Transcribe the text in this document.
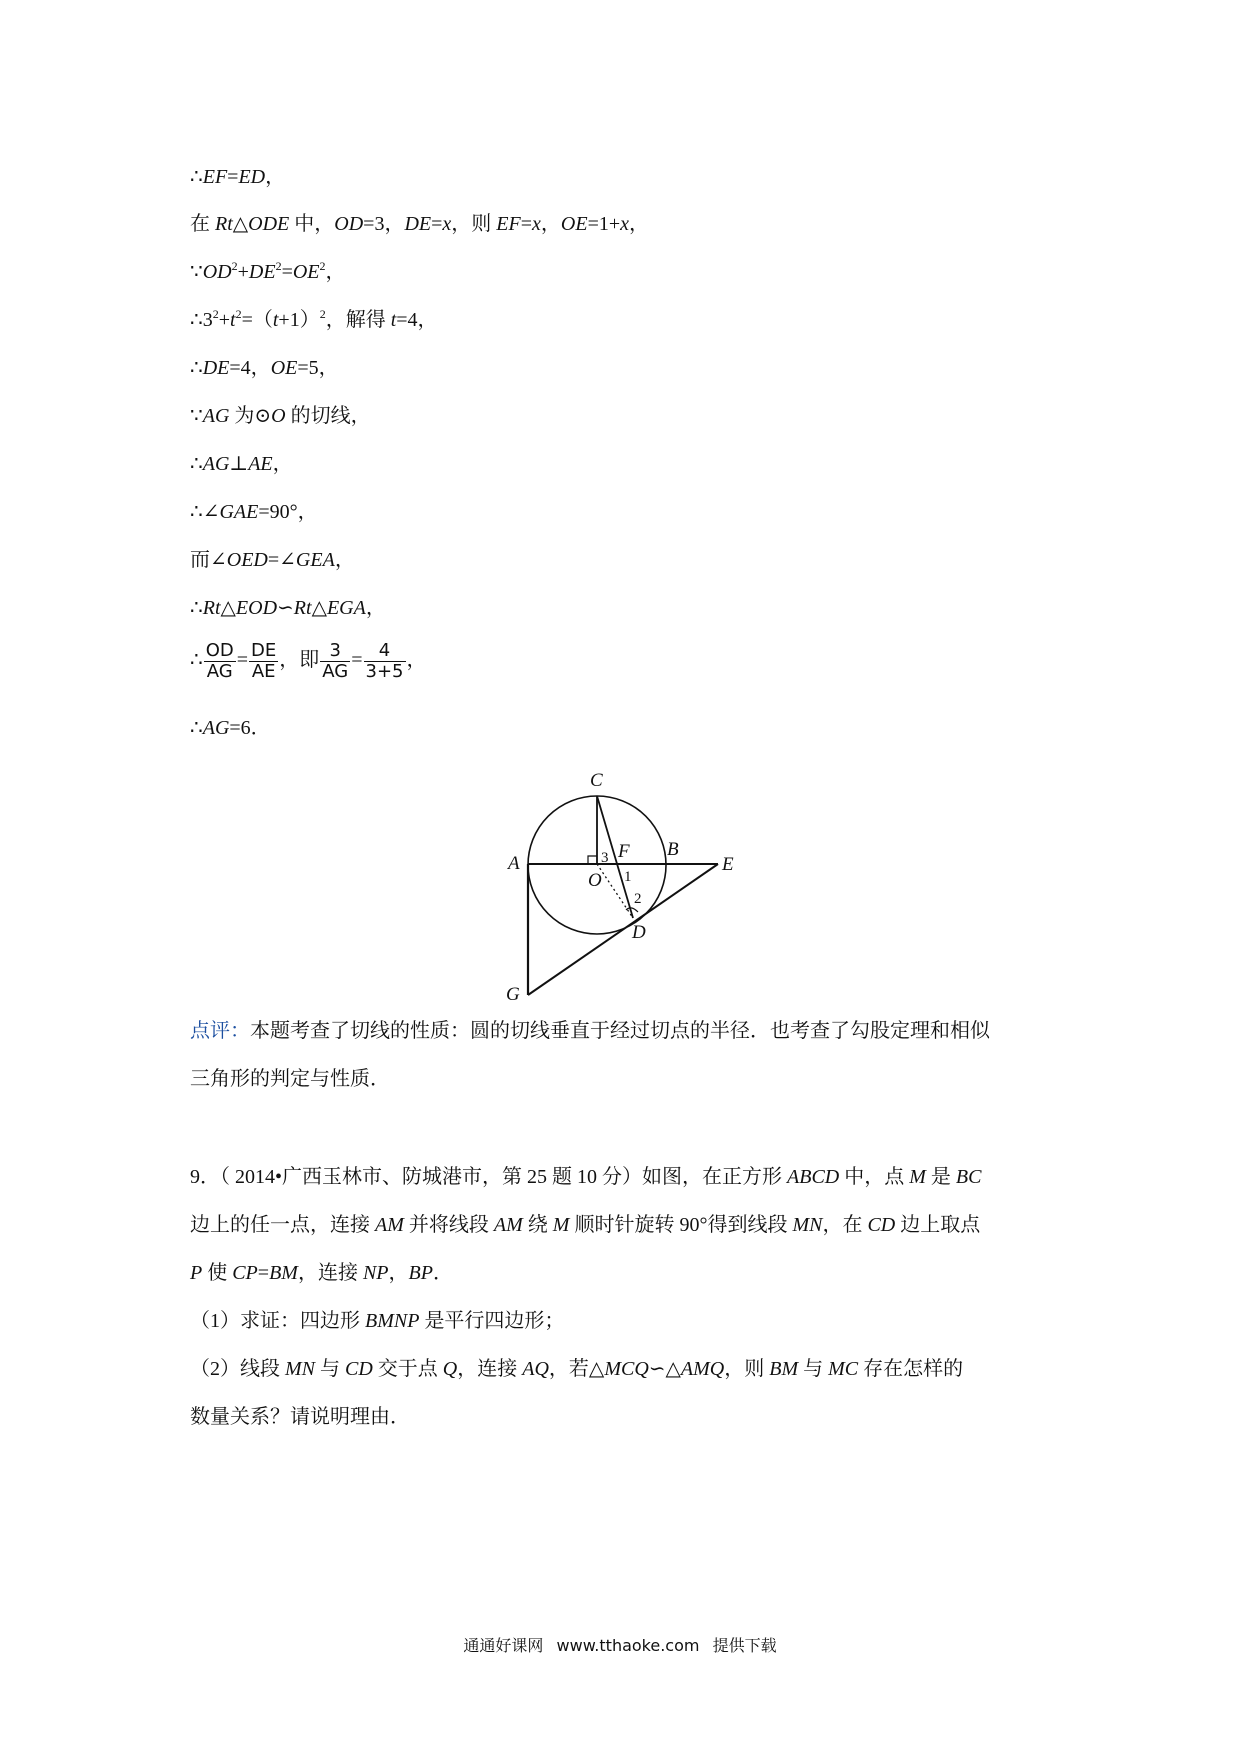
∴EF=ED，
在 Rt△ODE 中，OD=3，DE=x，则 EF=x，OE=1+x，
$\because OD^2+DE^2=OE^2$，
$\therefore 3^2+t^2=(t+1)^2$，解得 t=4，
∴DE=4，OE=5，
∵AG 为⊙O 的切线，
∴AG⊥AE，
∴∠GAE=90°，
而∠OED=∠GEA，
∴Rt△EOD∽Rt△EGA，
∴ $\frac{OD}{AG} = \frac{DE}{AE}$ ，即 $\frac{3}{AG} = \frac{4}{3+5}$ ，
∴AG=6．
C
F B
A	E
O
D
G
1
2
3
点评：本题考查了切线的性质：圆的切线垂直于经过切点的半径．也考查了勾股定理和相似
三角形的判定与性质．
9．（ 2014•广西玉林市、防城港市，第 25 题 10 分）如图，在正方形 ABCD 中，点 M 是 BC
边上的任一点，连接 AM 并将线段 AM 绕 M 顺时针旋转 90°得到线段 MN，在 CD 边上取点
P 使 CP=BM，连接 NP，BP．
（1）求证：四边形 BMNP 是平行四边形；
（2）线段 MN 与 CD 交于点 Q，连接 AQ，若△MCQ∽△AMQ，则 BM 与 MC 存在怎样的
数量关系？请说明理由．
通通好课网 www.tthaoke.com 提供下载
